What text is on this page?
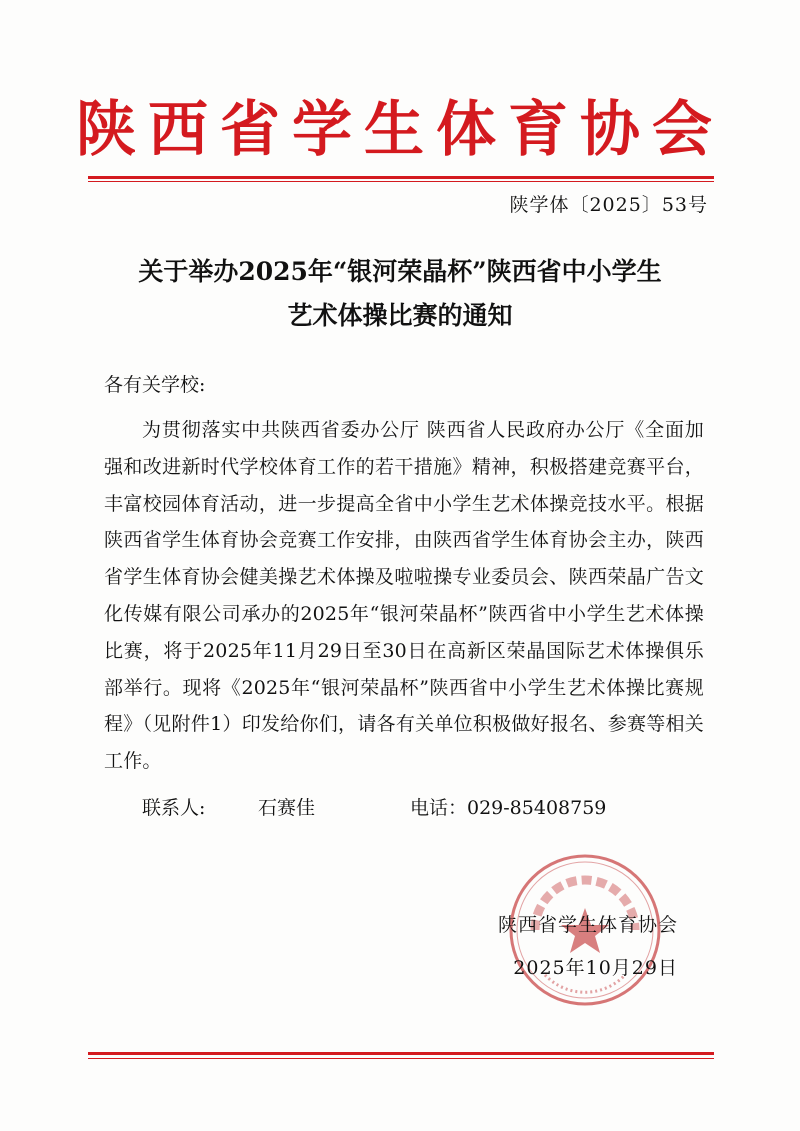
陕西省学生体育协会
陕学体〔2025〕53号
关于举办2025年“银河荣晶杯”陕西省中小学生
艺术体操比赛的通知
各有关学校:
为贯彻落实中共陕西省委办公厅 陕西省人民政府办公厅《全面加强和改进新时代学校体育工作的若干措施》精神，积极搭建竞赛平台，丰富校园体育活动，进一步提高全省中小学生艺术体操竞技水平。根据陕西省学生体育协会竞赛工作安排，由陕西省学生体育协会主办，陕西省学生体育协会健美操艺术体操及啦啦操专业委员会、陕西荣晶广告文化传媒有限公司承办的2025年“银河荣晶杯”陕西省中小学生艺术体操比赛，将于2025年11月29日至30日在高新区荣晶国际艺术体操俱乐部举行。现将《2025年“银河荣晶杯”陕西省中小学生艺术体操比赛规程》（见附件1）印发给你们，请各有关单位积极做好报名、参赛等相关工作。
联系人:	石赛佳	电话：029-85408759
陕西省学生体育协会
2025年10月29日
